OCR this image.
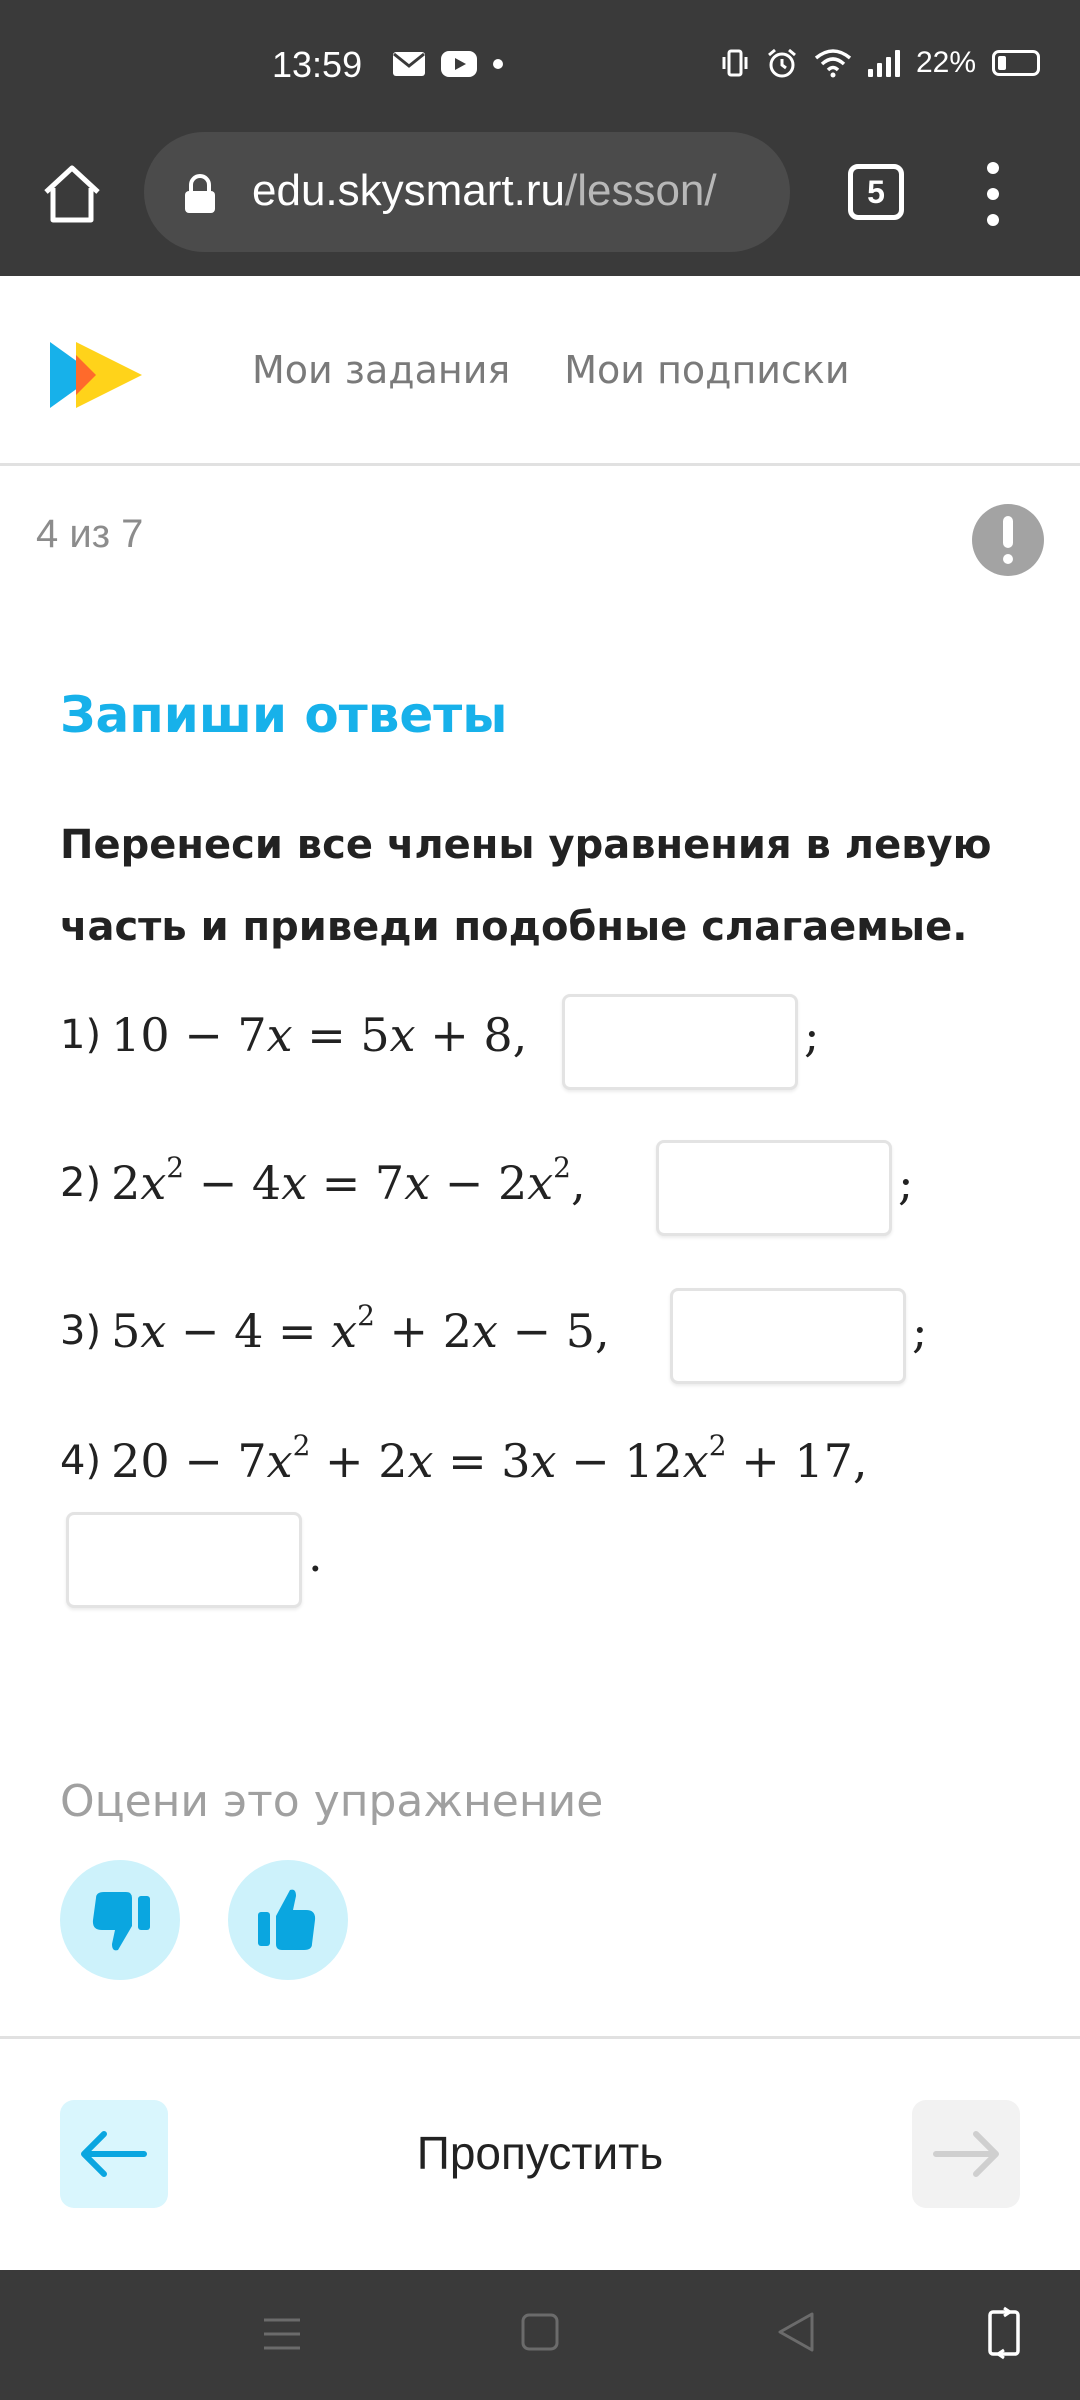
13:59	22%
edu.skysmart.ru/lesson/	5
Мои задания Мои подписки
4 из 7
Запиши ответы
Перенеси все члены уравнения в левую часть и приведи подобные слагаемые.
1) 10 − 7x = 5x + 8,	;
2) $2x^2 - 4x = 7x - 2x^2$,	;
3) $5x - 4 = x^2 + 2x - 5$,	;
4) $20 - 7x^2 + 2x = 3x - 12x^2 + 17$,
.
Оцени это упражнение
Пропустить
